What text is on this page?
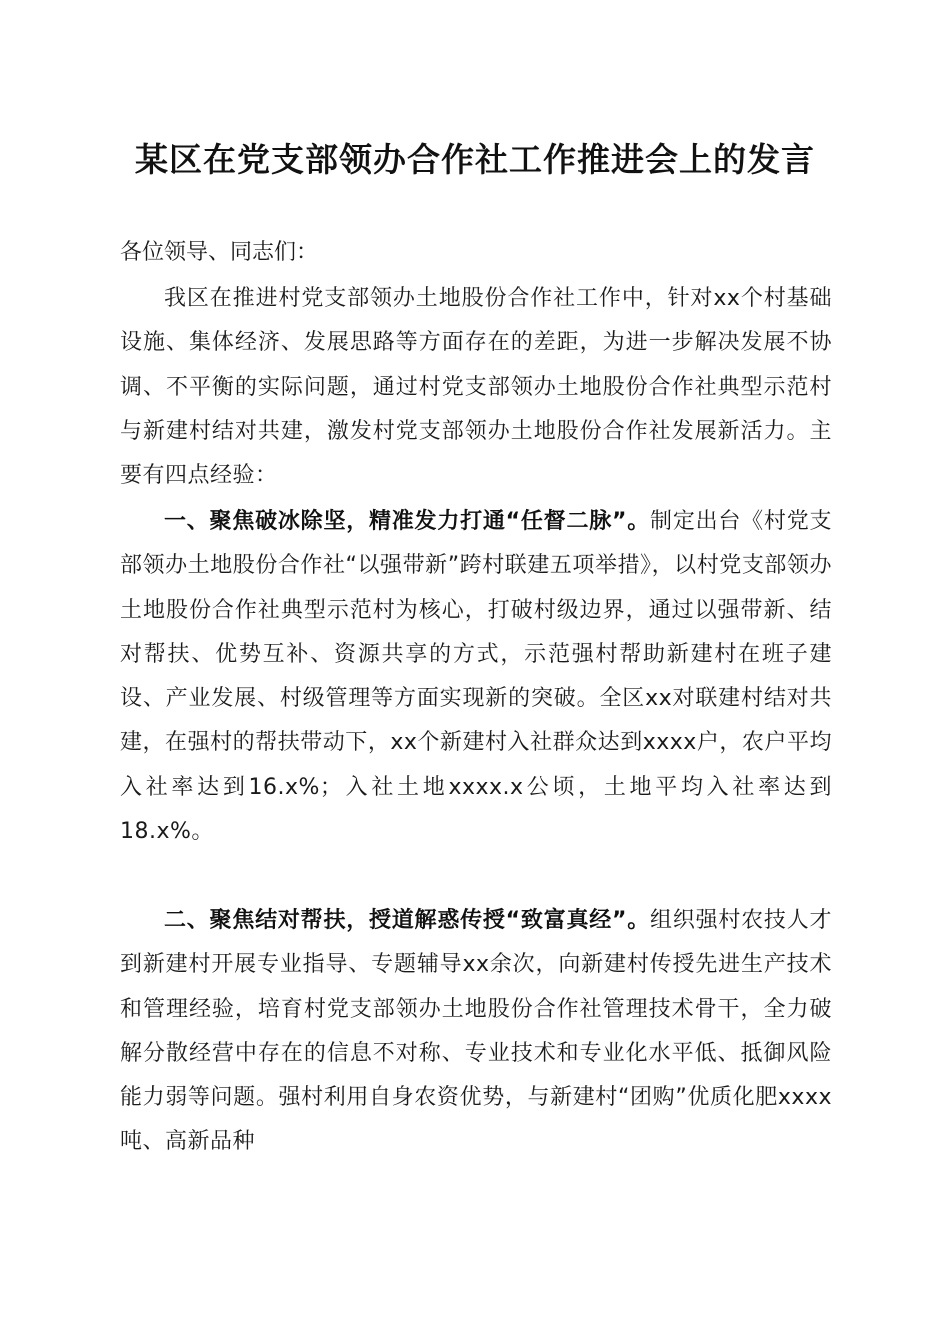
某区在党支部领办合作社工作推进会上的发言
各位领导、同志们：

我区在推进村党支部领办土地股份合作社工作中，针对xx个村基础设施、集体经济、发展思路等方面存在的差距，为进一步解决发展不协调、不平衡的实际问题，通过村党支部领办土地股份合作社典型示范村与新建村结对共建，激发村党支部领办土地股份合作社发展新活力。主要有四点经验：

一、聚焦破冰除坚，精准发力打通“任督二脉”。制定出台《村党支部领办土地股份合作社“以强带新”跨村联建五项举措》，以村党支部领办土地股份合作社典型示范村为核心，打破村级边界，通过以强带新、结对帮扶、优势互补、资源共享的方式，示范强村帮助新建村在班子建设、产业发展、村级管理等方面实现新的突破。全区xx对联建村结对共建，在强村的帮扶带动下，xx个新建村入社群众达到xxxx户，农户平均入社率达到16.x%；入社土地xxxx.x公顷，土地平均入社率达到18.x%。

二、聚焦结对帮扶，授道解惑传授“致富真经”。组织强村农技人才到新建村开展专业指导、专题辅导xx余次，向新建村传授先进生产技术和管理经验，培育村党支部领办土地股份合作社管理技术骨干，全力破解分散经营中存在的信息不对称、专业技术和专业化水平低、抵御风险能力弱等问题。强村利用自身农资优势，与新建村“团购”优质化肥xxxx吨、高新品种
